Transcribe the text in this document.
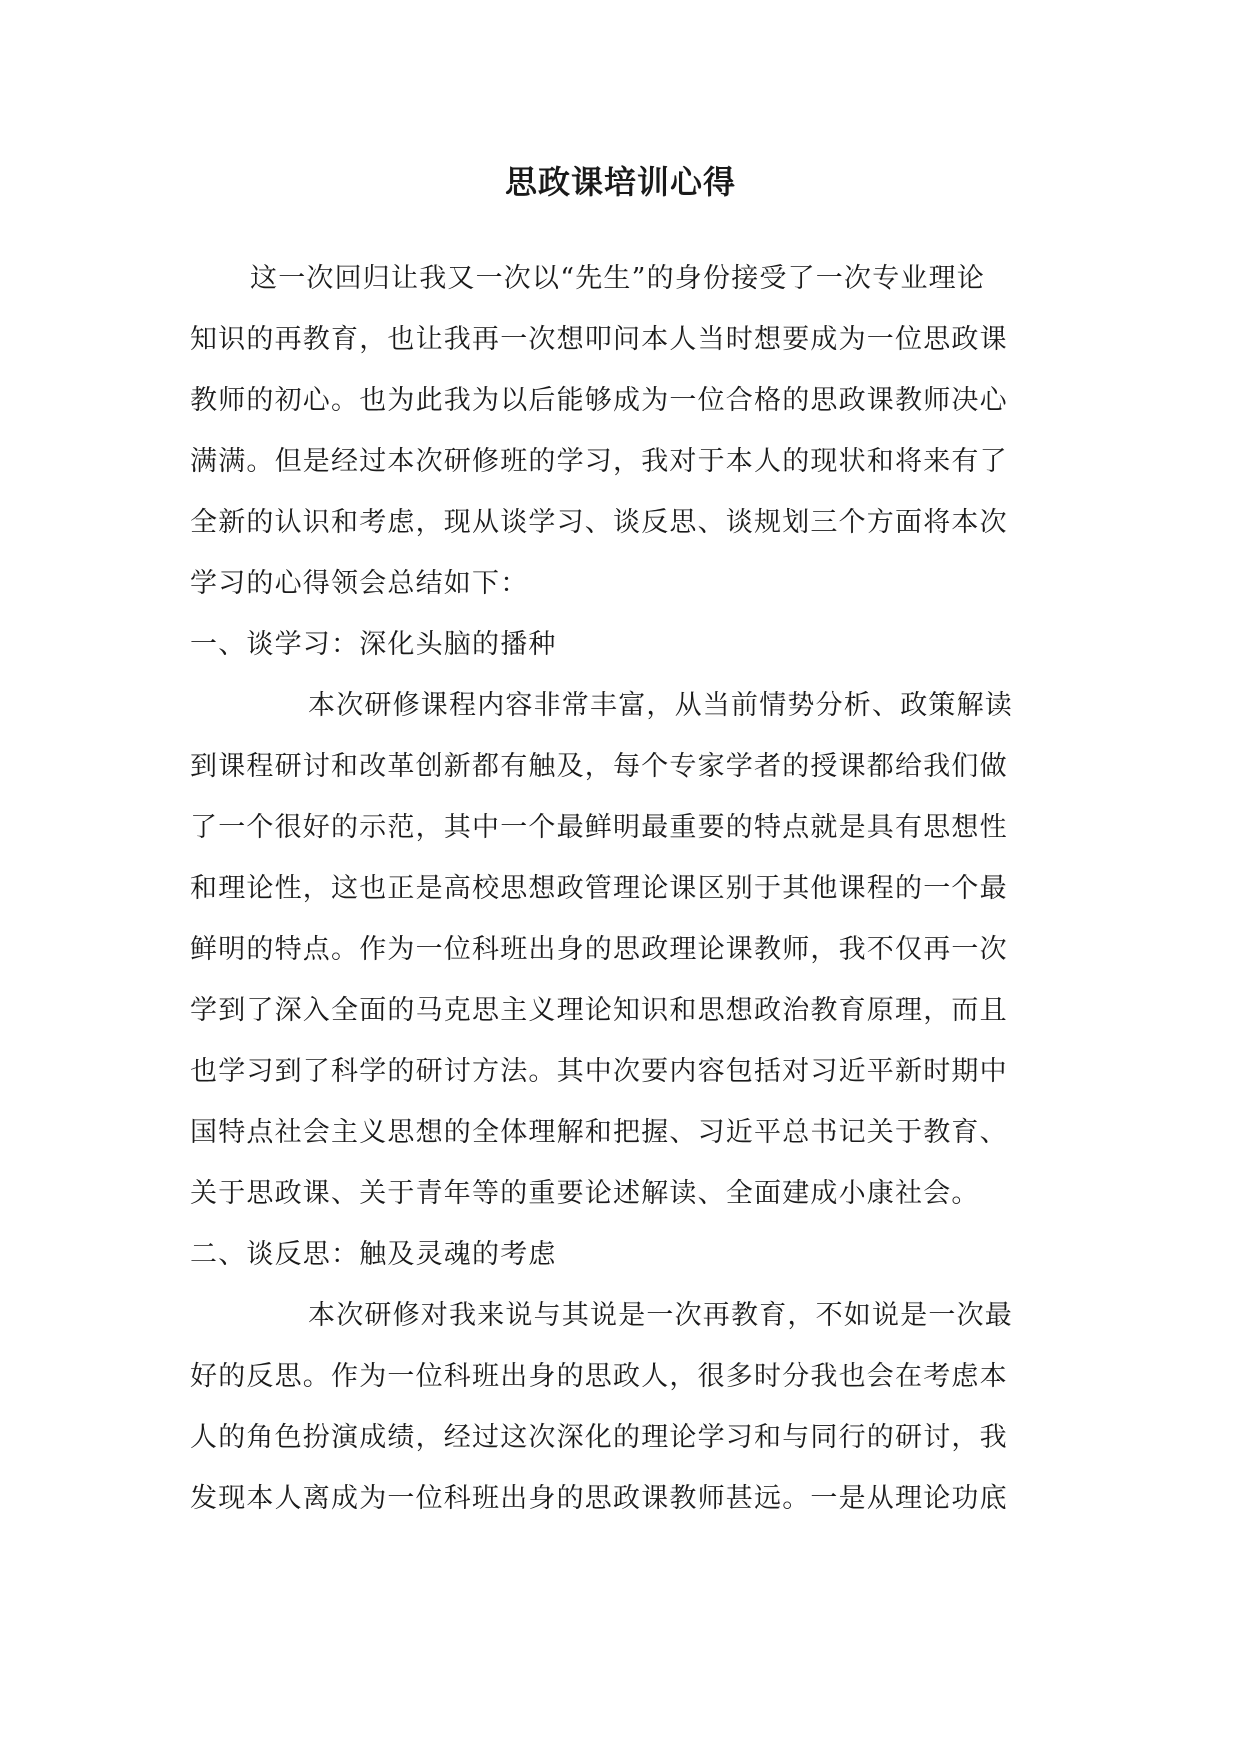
思政课培训心得
这一次回归让我又一次以“先生”的身份接受了一次专业理论
知识的再教育，也让我再一次想叩问本人当时想要成为一位思政课
教师的初心。也为此我为以后能够成为一位合格的思政课教师决心
满满。但是经过本次研修班的学习，我对于本人的现状和将来有了
全新的认识和考虑，现从谈学习、谈反思、谈规划三个方面将本次
学习的心得领会总结如下：
一、谈学习：深化头脑的播种
本次研修课程内容非常丰富，从当前情势分析、政策解读
到课程研讨和改革创新都有触及，每个专家学者的授课都给我们做
了一个很好的示范，其中一个最鲜明最重要的特点就是具有思想性
和理论性，这也正是高校思想政管理论课区别于其他课程的一个最
鲜明的特点。作为一位科班出身的思政理论课教师，我不仅再一次
学到了深入全面的马克思主义理论知识和思想政治教育原理，而且
也学习到了科学的研讨方法。其中次要内容包括对习近平新时期中
国特点社会主义思想的全体理解和把握、习近平总书记关于教育、
关于思政课、关于青年等的重要论述解读、全面建成小康社会。
二、谈反思：触及灵魂的考虑
本次研修对我来说与其说是一次再教育，不如说是一次最
好的反思。作为一位科班出身的思政人，很多时分我也会在考虑本
人的角色扮演成绩，经过这次深化的理论学习和与同行的研讨，我
发现本人离成为一位科班出身的思政课教师甚远。一是从理论功底
